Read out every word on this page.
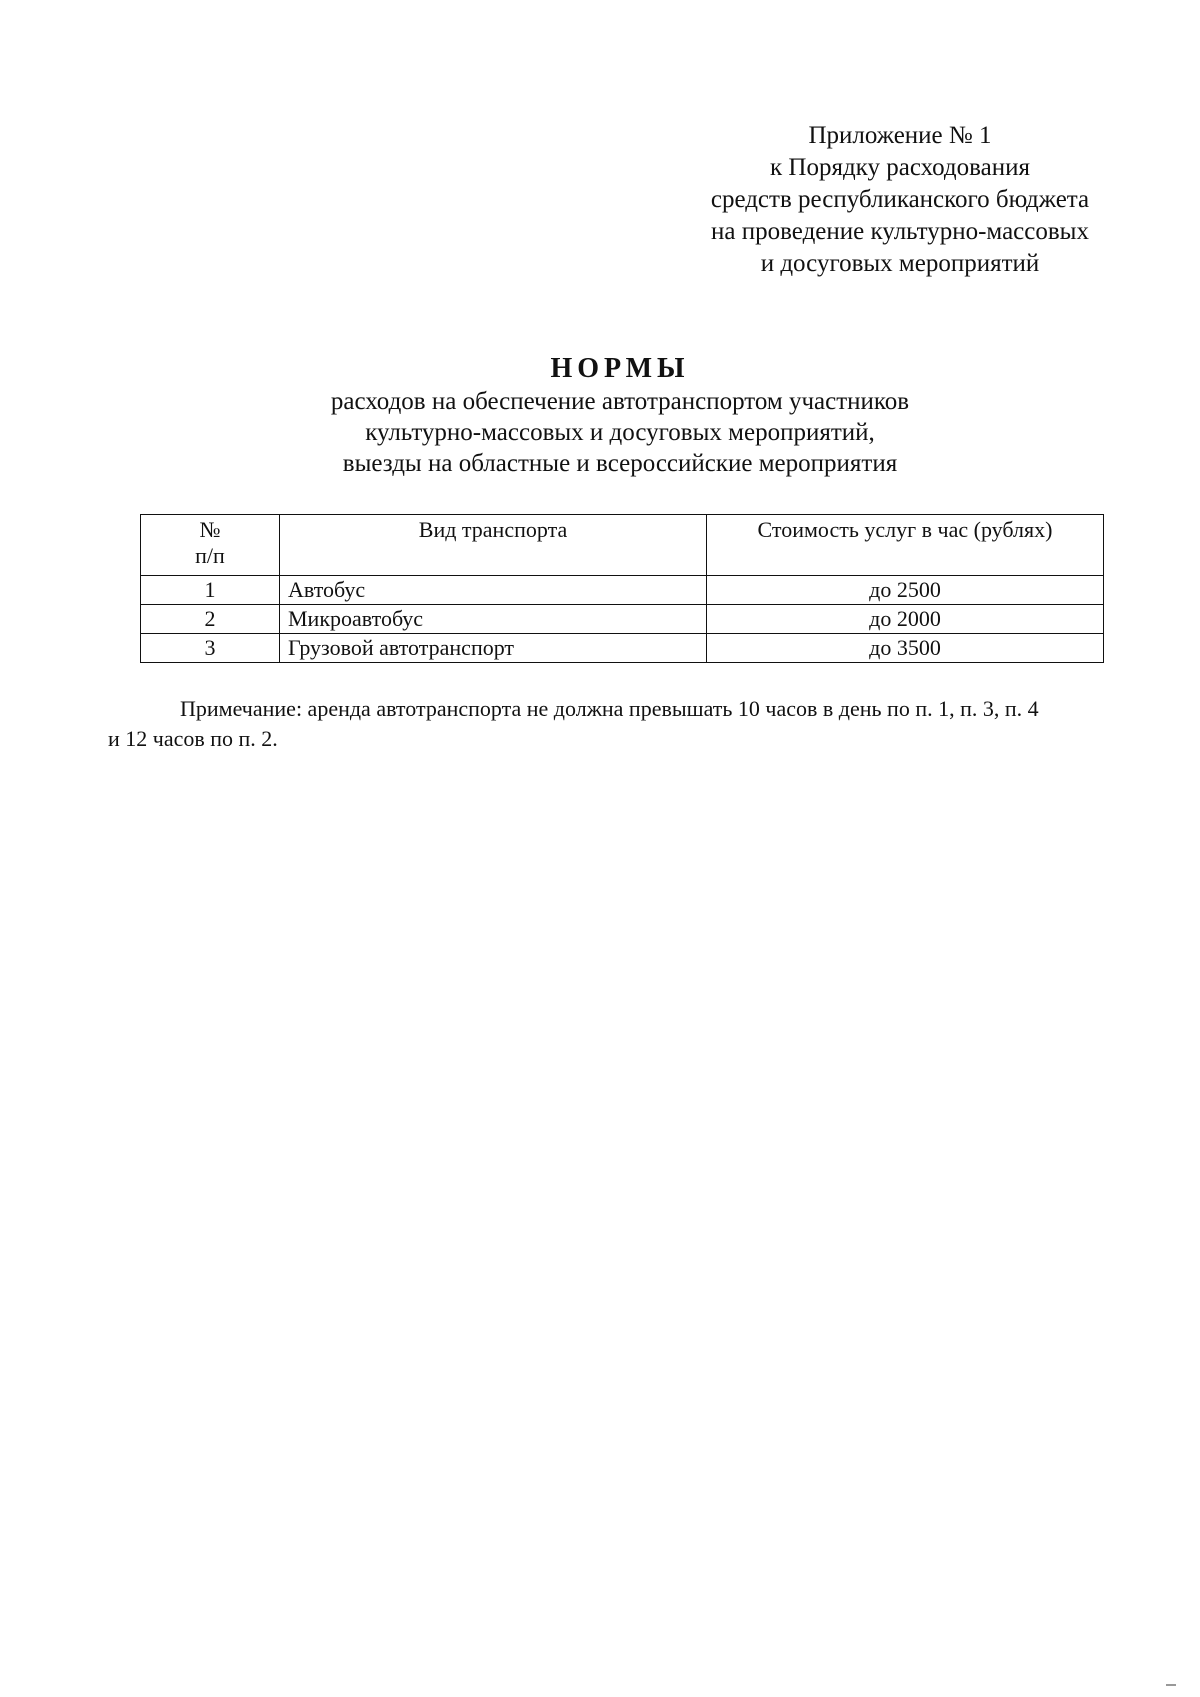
Приложение № 1
к Порядку расходования
средств республиканского бюджета
на проведение культурно-массовых
и досуговых мероприятий
НОРМЫ
расходов на обеспечение автотранспортом участников
культурно-массовых и досуговых мероприятий,
выезды на областные и всероссийские мероприятия
№
п/п	Вид транспорта	Стоимость услуг в час (рублях)
1	Автобус	до 2500
2	Микроавтобус	до 2000
3	Грузовой автотранспорт	до 3500
Примечание: аренда автотранспорта не должна превышать 10 часов в день по п. 1, п. 3, п. 4
и 12 часов по п. 2.
